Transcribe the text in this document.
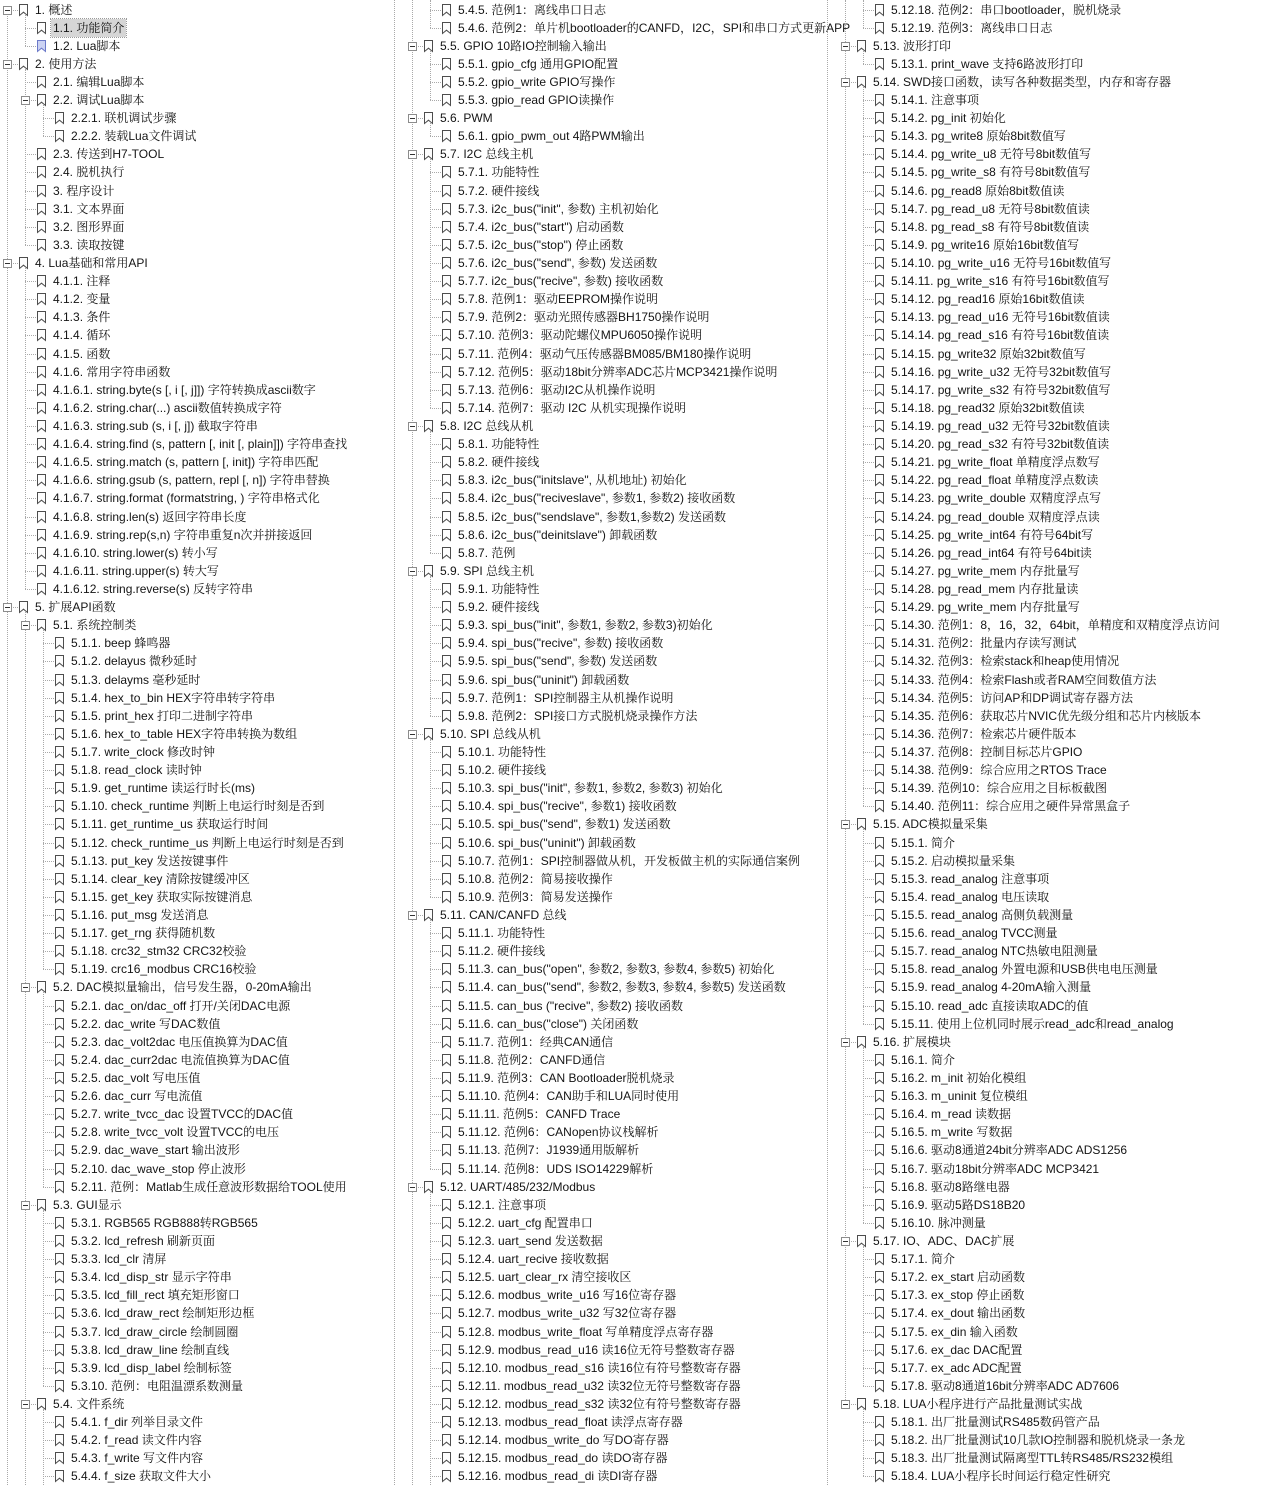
1. 概述
1.1. 功能简介
1.2. Lua脚本
2. 使用方法
2.1. 编辑Lua脚本
2.2. 调试Lua脚本
2.2.1. 联机调试步骤
2.2.2. 装载Lua文件调试
2.3. 传送到H7-TOOL
2.4. 脱机执行
3. 程序设计
3.1. 文本界面
3.2. 图形界面
3.3. 读取按键
4. Lua基础和常用API
4.1.1. 注释
4.1.2. 变量
4.1.3. 条件
4.1.4. 循环
4.1.5. 函数
4.1.6. 常用字符串函数
4.1.6.1. string.byte(s [, i [, j]]) 字符转换成ascii数字
4.1.6.2. string.char(...) ascii数值转换成字符
4.1.6.3. string.sub (s, i [, j]) 截取字符串
4.1.6.4. string.find (s, pattern [, init [, plain]]) 字符串查找
4.1.6.5. string.match (s, pattern [, init]) 字符串匹配
4.1.6.6. string.gsub (s, pattern, repl [, n]) 字符串替换
4.1.6.7. string.format (formatstring, ) 字符串格式化
4.1.6.8. string.len(s) 返回字符串长度
4.1.6.9. string.rep(s,n) 字符串重复n次并拼接返回
4.1.6.10. string.lower(s) 转小写
4.1.6.11. string.upper(s) 转大写
4.1.6.12. string.reverse(s) 反转字符串
5. 扩展API函数
5.1. 系统控制类
5.1.1. beep 蜂鸣器
5.1.2. delayus 微秒延时
5.1.3. delayms 毫秒延时
5.1.4. hex_to_bin HEX字符串转字符串
5.1.5. print_hex 打印二进制字符串
5.1.6. hex_to_table HEX字符串转换为数组
5.1.7. write_clock 修改时钟
5.1.8. read_clock 读时钟
5.1.9. get_runtime 读运行时长(ms)
5.1.10. check_runtime 判断上电运行时刻是否到
5.1.11. get_runtime_us 获取运行时间
5.1.12. check_runtime_us 判断上电运行时刻是否到
5.1.13. put_key 发送按键事件
5.1.14. clear_key 清除按键缓冲区
5.1.15. get_key 获取实际按键消息
5.1.16. put_msg 发送消息
5.1.17. get_rng 获得随机数
5.1.18. crc32_stm32 CRC32校验
5.1.19. crc16_modbus CRC16校验
5.2. DAC模拟量输出，信号发生器，0-20mA输出
5.2.1. dac_on/dac_off 打开/关闭DAC电源
5.2.2. dac_write 写DAC数值
5.2.3. dac_volt2dac 电压值换算为DAC值
5.2.4. dac_curr2dac 电流值换算为DAC值
5.2.5. dac_volt 写电压值
5.2.6. dac_curr 写电流值
5.2.7. write_tvcc_dac 设置TVCC的DAC值
5.2.8. write_tvcc_volt 设置TVCC的电压
5.2.9. dac_wave_start 输出波形
5.2.10. dac_wave_stop 停止波形
5.2.11. 范例：Matlab生成任意波形数据给TOOL使用
5.3. GUI显示
5.3.1. RGB565 RGB888转RGB565
5.3.2. lcd_refresh 刷新页面
5.3.3. lcd_clr 清屏
5.3.4. lcd_disp_str 显示字符串
5.3.5. lcd_fill_rect 填充矩形窗口
5.3.6. lcd_draw_rect 绘制矩形边框
5.3.7. lcd_draw_circle 绘制圆圈
5.3.8. lcd_draw_line 绘制直线
5.3.9. lcd_disp_label 绘制标签
5.3.10. 范例：电阻温漂系数测量
5.4. 文件系统
5.4.1. f_dir 列举目录文件
5.4.2. f_read 读文件内容
5.4.3. f_write 写文件内容
5.4.4. f_size 获取文件大小
5.4.5. 范例1：离线串口日志
5.4.6. 范例2：单片机bootloader的CANFD，I2C，SPI和串口方式更新APP
5.5. GPIO 10路IO控制输入输出
5.5.1. gpio_cfg 通用GPIO配置
5.5.2. gpio_write GPIO写操作
5.5.3. gpio_read GPIO读操作
5.6. PWM
5.6.1. gpio_pwm_out 4路PWM输出
5.7. I2C 总线主机
5.7.1. 功能特性
5.7.2. 硬件接线
5.7.3. i2c_bus("init", 参数) 主机初始化
5.7.4. i2c_bus("start") 启动函数
5.7.5. i2c_bus("stop") 停止函数
5.7.6. i2c_bus("send", 参数) 发送函数
5.7.7. i2c_bus("recive", 参数) 接收函数
5.7.8. 范例1：驱动EEPROM操作说明
5.7.9. 范例2：驱动光照传感器BH1750操作说明
5.7.10. 范例3：驱动陀螺仪MPU6050操作说明
5.7.11. 范例4：驱动气压传感器BM085/BM180操作说明
5.7.12. 范例5：驱动18bit分辨率ADC芯片MCP3421操作说明
5.7.13. 范例6：驱动I2C从机操作说明
5.7.14. 范例7：驱动 I2C 从机实现操作说明
5.8. I2C 总线从机
5.8.1. 功能特性
5.8.2. 硬件接线
5.8.3. i2c_bus("initslave", 从机地址) 初始化
5.8.4. i2c_bus("reciveslave", 参数1, 参数2) 接收函数
5.8.5. i2c_bus("sendslave", 参数1,参数2) 发送函数
5.8.6. i2c_bus("deinitslave") 卸载函数
5.8.7. 范例
5.9. SPI 总线主机
5.9.1. 功能特性
5.9.2. 硬件接线
5.9.3. spi_bus("init", 参数1, 参数2, 参数3)初始化
5.9.4. spi_bus("recive", 参数) 接收函数
5.9.5. spi_bus("send", 参数) 发送函数
5.9.6. spi_bus("uninit") 卸载函数
5.9.7. 范例1：SPI控制器主从机操作说明
5.9.8. 范例2：SPI接口方式脱机烧录操作方法
5.10. SPI 总线从机
5.10.1. 功能特性
5.10.2. 硬件接线
5.10.3. spi_bus("init", 参数1, 参数2, 参数3) 初始化
5.10.4. spi_bus("recive", 参数1) 接收函数
5.10.5. spi_bus("send", 参数1) 发送函数
5.10.6. spi_bus("uninit") 卸载函数
5.10.7. 范例1：SPI控制器做从机，开发板做主机的实际通信案例
5.10.8. 范例2：简易接收操作
5.10.9. 范例3：简易发送操作
5.11. CAN/CANFD 总线
5.11.1. 功能特性
5.11.2. 硬件接线
5.11.3. can_bus("open", 参数2, 参数3, 参数4, 参数5) 初始化
5.11.4. can_bus("send", 参数2, 参数3, 参数4, 参数5) 发送函数
5.11.5. can_bus ("recive", 参数2) 接收函数
5.11.6. can_bus("close") 关闭函数
5.11.7. 范例1：经典CAN通信
5.11.8. 范例2：CANFD通信
5.11.9. 范例3：CAN Bootloader脱机烧录
5.11.10. 范例4：CAN助手和LUA同时使用
5.11.11. 范例5：CANFD Trace
5.11.12. 范例6：CANopen协议栈解析
5.11.13. 范例7：J1939通用版解析
5.11.14. 范例8：UDS ISO14229解析
5.12. UART/485/232/Modbus
5.12.1. 注意事项
5.12.2. uart_cfg 配置串口
5.12.3. uart_send 发送数据
5.12.4. uart_recive 接收数据
5.12.5. uart_clear_rx 清空接收区
5.12.6. modbus_write_u16 写16位寄存器
5.12.7. modbus_write_u32 写32位寄存器
5.12.8. modbus_write_float 写单精度浮点寄存器
5.12.9. modbus_read_u16 读16位无符号整数寄存器
5.12.10. modbus_read_s16 读16位有符号整数寄存器
5.12.11. modbus_read_u32 读32位无符号整数寄存器
5.12.12. modbus_read_s32 读32位有符号整数寄存器
5.12.13. modbus_read_float 读浮点寄存器
5.12.14. modbus_write_do 写DO寄存器
5.12.15. modbus_read_do 读DO寄存器
5.12.16. modbus_read_di 读DI寄存器
5.12.18. 范例2：串口bootloader，脱机烧录
5.12.19. 范例3：离线串口日志
5.13. 波形打印
5.13.1. print_wave 支持6路波形打印
5.14. SWD接口函数，读写各种数据类型，内存和寄存器
5.14.1. 注意事项
5.14.2. pg_init 初始化
5.14.3. pg_write8 原始8bit数值写
5.14.4. pg_write_u8 无符号8bit数值写
5.14.5. pg_write_s8 有符号8bit数值写
5.14.6. pg_read8 原始8bit数值读
5.14.7. pg_read_u8 无符号8bit数值读
5.14.8. pg_read_s8 有符号8bit数值读
5.14.9. pg_write16 原始16bit数值写
5.14.10. pg_write_u16 无符号16bit数值写
5.14.11. pg_write_s16 有符号16bit数值写
5.14.12. pg_read16 原始16bit数值读
5.14.13. pg_read_u16 无符号16bit数值读
5.14.14. pg_read_s16 有符号16bit数值读
5.14.15. pg_write32 原始32bit数值写
5.14.16. pg_write_u32 无符号32bit数值写
5.14.17. pg_write_s32 有符号32bit数值写
5.14.18. pg_read32 原始32bit数值读
5.14.19. pg_read_u32 无符号32bit数值读
5.14.20. pg_read_s32 有符号32bit数值读
5.14.21. pg_write_float 单精度浮点数写
5.14.22. pg_read_float 单精度浮点数读
5.14.23. pg_write_double 双精度浮点写
5.14.24. pg_read_double 双精度浮点读
5.14.25. pg_write_int64 有符号64bit写
5.14.26. pg_read_int64 有符号64bit读
5.14.27. pg_write_mem 内存批量写
5.14.28. pg_read_mem 内存批量读
5.14.29. pg_write_mem 内存批量写
5.14.30. 范例1：8，16，32，64bit，单精度和双精度浮点访问
5.14.31. 范例2：批量内存读写测试
5.14.32. 范例3：检索stack和heap使用情况
5.14.33. 范例4：检索Flash或者RAM空间数值方法
5.14.34. 范例5：访问AP和DP调试寄存器方法
5.14.35. 范例6：获取芯片NVIC优先级分组和芯片内核版本
5.14.36. 范例7：检索芯片硬件版本
5.14.37. 范例8：控制目标芯片GPIO
5.14.38. 范例9：综合应用之RTOS Trace
5.14.39. 范例10：综合应用之目标板截图
5.14.40. 范例11：综合应用之硬件异常黑盒子
5.15. ADC模拟量采集
5.15.1. 简介
5.15.2. 启动模拟量采集
5.15.3. read_analog 注意事项
5.15.4. read_analog 电压读取
5.15.5. read_analog 高侧负载测量
5.15.6. read_analog TVCC测量
5.15.7. read_analog NTC热敏电阻测量
5.15.8. read_analog 外置电源和USB供电电压测量
5.15.9. read_analog 4-20mA输入测量
5.15.10. read_adc 直接读取ADC的值
5.15.11. 使用上位机同时展示read_adc和read_analog
5.16. 扩展模块
5.16.1. 简介
5.16.2. m_init 初始化模组
5.16.3. m_uninit 复位模组
5.16.4. m_read 读数据
5.16.5. m_write 写数据
5.16.6. 驱动8通道24bit分辨率ADC ADS1256
5.16.7. 驱动18bit分辨率ADC MCP3421
5.16.8. 驱动8路继电器
5.16.9. 驱动5路DS18B20
5.16.10. 脉冲测量
5.17. IO、ADC、DAC扩展
5.17.1. 简介
5.17.2. ex_start 启动函数
5.17.3. ex_stop 停止函数
5.17.4. ex_dout 输出函数
5.17.5. ex_din 输入函数
5.17.6. ex_dac DAC配置
5.17.7. ex_adc ADC配置
5.17.8. 驱动8通道16bit分辨率ADC AD7606
5.18. LUA小程序进行产品批量测试实战
5.18.1. 出厂批量测试RS485数码管产品
5.18.2. 出厂批量测试10几款IO控制器和脱机烧录一条龙
5.18.3. 出厂批量测试隔离型TTL转RS485/RS232模组
5.18.4. LUA小程序长时间运行稳定性研究
